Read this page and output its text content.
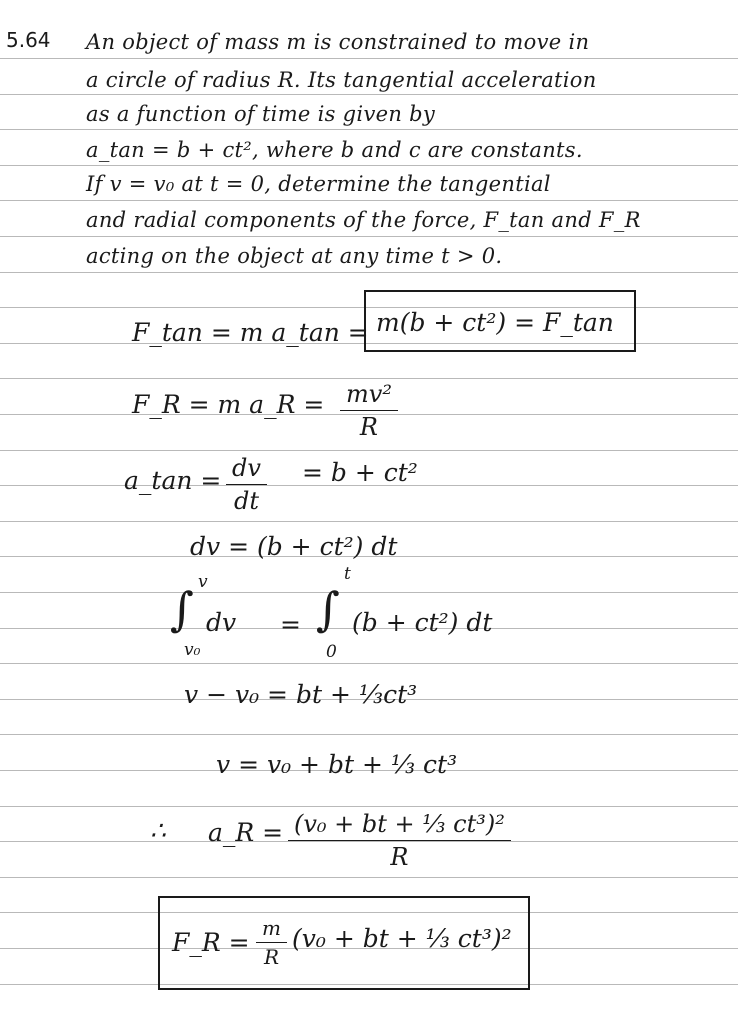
5.64 An object of mass m is constrained to move in
a circle of radius R. Its tangential acceleration
as a function of time is given by
a_tan = b + ct², where b and c are constants.
If v = v₀ at t = 0, determine the tangential
and radial components of the force, F_tan and F_R
acting on the object at any time t > 0.
F_tan = m a_tan = m(b + ct²) = F_tan
F_R = m a_R = $\frac{\text{mv²}}{R}$
a_tan = $\frac{dv}{dt} = b + ct^2$
dv = (b + ct²) dt
v
∫
v₀
dv =
t
∫
0
(b + ct²) dt
v − v₀ = bt + ⅓ct³
v = v₀ + bt + ⅓ ct³
∴ a_R = $\frac{\text{(v₀ + bt + ⅓ ct³)²}}{R}$
F_R = $\frac{m}{R} (v_0$ + bt + ⅓ ct³)²
